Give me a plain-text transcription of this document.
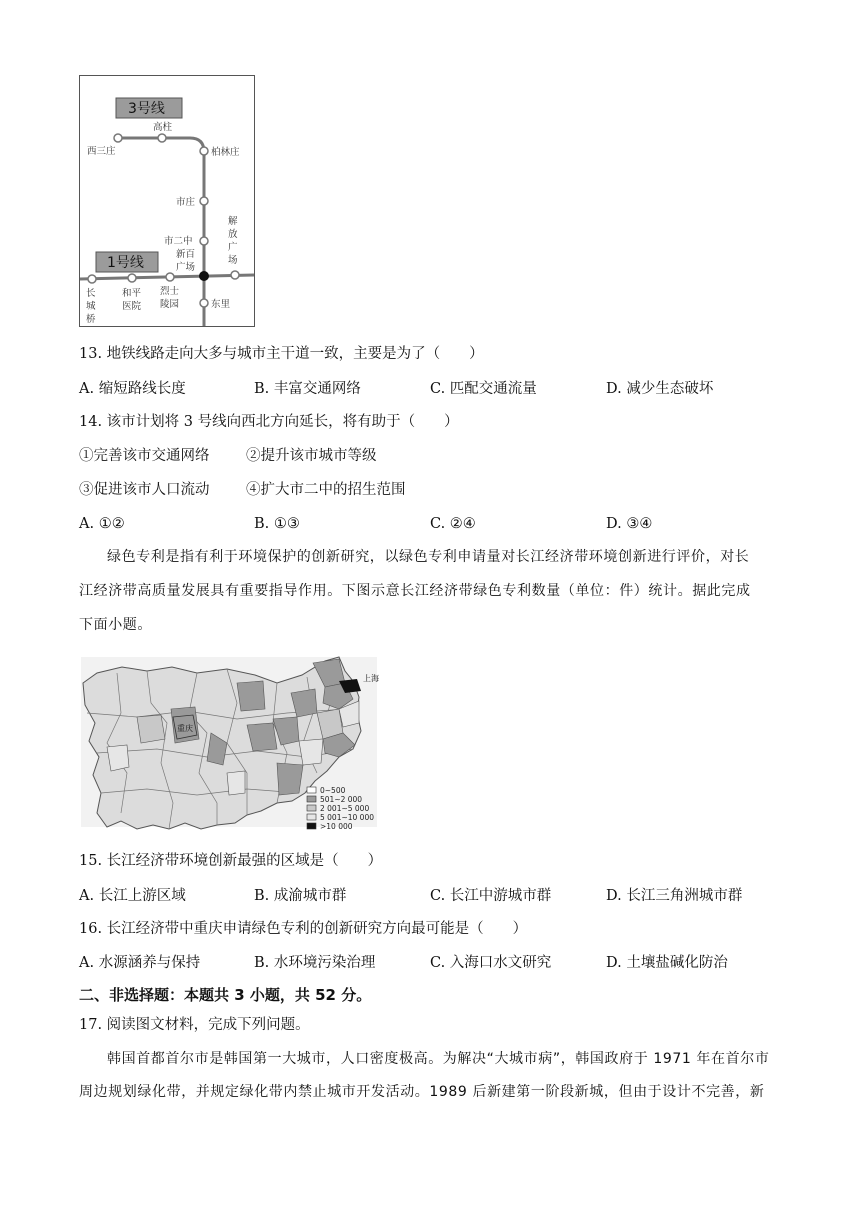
3号线
1号线
西三庄
高柱
柏林庄
市庄
市二中
新百
广场
解
放
广
场
东里
长
城
桥
和平
医院
烈士
陵园
13. 地铁线路走向大多与城市主干道一致，主要是为了（　　）
A. 缩短路线长度	B. 丰富交通网络	C. 匹配交通流量	D. 减少生态破坏
14. 该市计划将 3 号线向西北方向延长，将有助于（　　）
①完善该市交通网络	②提升该市城市等级
③促进该市人口流动	④扩大市二中的招生范围
A. ①②	B. ①③	C. ②④	D. ③④
绿色专利是指有利于环境保护的创新研究，以绿色专利申请量对长江经济带环境创新进行评价，对长
江经济带高质量发展具有重要指导作用。下图示意长江经济带绿色专利数量（单位：件）统计。据此完成
下面小题。
上海
重庆
0~500
501~2 000
2 001~5 000
5 001~10 000
>10 000
15. 长江经济带环境创新最强的区域是（　　）
A. 长江上游区域	B. 成渝城市群	C. 长江中游城市群	D. 长江三角洲城市群
16. 长江经济带中重庆申请绿色专利的创新研究方向最可能是（　　）
A. 水源涵养与保持	B. 水环境污染治理	C. 入海口水文研究	D. 土壤盐碱化防治
二、非选择题：本题共 3 小题，共 52 分。
17. 阅读图文材料，完成下列问题。
韩国首都首尔市是韩国第一大城市，人口密度极高。为解决“大城市病”，韩国政府于 1971 年在首尔市
周边规划绿化带，并规定绿化带内禁止城市开发活动。1989 后新建第一阶段新城，但由于设计不完善，新
